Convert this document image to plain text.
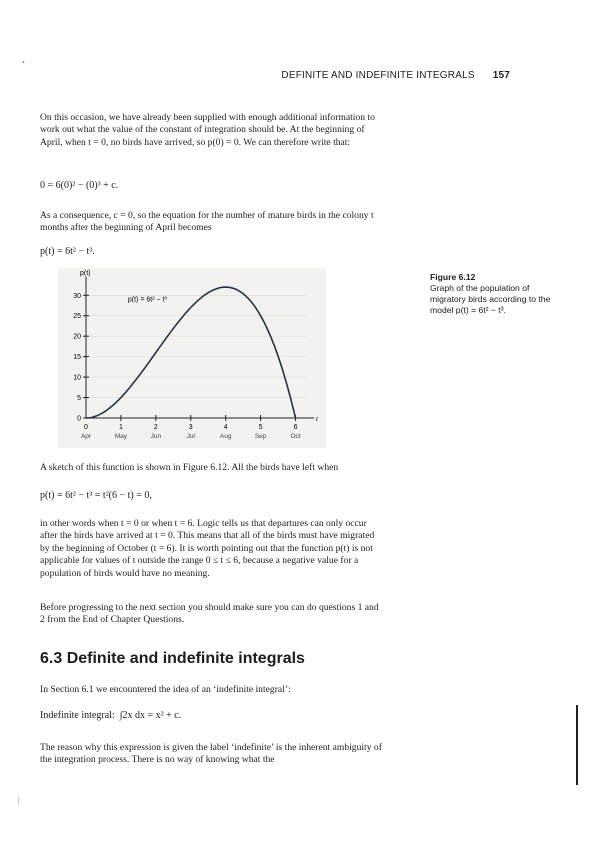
DEFINITE AND INDEFINITE INTEGRALS 157

On this occasion, we have already been supplied with enough additional information to work out what the value of the constant of integration should be. At the beginning of April, when t = 0, no birds have arrived, so p(0) = 0. We can therefore write that:

0 = 6(0)² − (0)³ + c.

As a consequence, c = 0, so the equation for the number of mature birds in the colony t months after the beginning of April becomes

p(t) = 6t² − t³.
0
5
10
15
20
25
30
0
Apr
1
May
2
Jun
3
Jul
4
Aug
5
Sep
6
Oct
p(t)
t
p(t) = 6t² − t³
Figure 6.12
Graph of the population of migratory birds according to the model p(t) = 6t² − t³.

A sketch of this function is shown in Figure 6.12. All the birds have left when

p(t) = 6t² − t³ = t²(6 − t) = 0,

in other words when t = 0 or when t = 6. Logic tells us that departures can only occur after the birds have arrived at t = 0. This means that all of the birds must have migrated by the beginning of October (t = 6). It is worth pointing out that the function p(t) is not applicable for values of t outside the range 0 ≤ t ≤ 6, because a negative value for a population of birds would have no meaning.

Before progressing to the next section you should make sure you can do questions 1 and 2 from the End of Chapter Questions.

6.3 Definite and indefinite integrals

In Section 6.1 we encountered the idea of an ‘indefinite integral’:

Indefinite integral: ∫2x dx = x² + c.

The reason why this expression is given the label ‘indefinite’ is the inherent ambiguity of the integration process. There is no way of knowing what the

•
|
